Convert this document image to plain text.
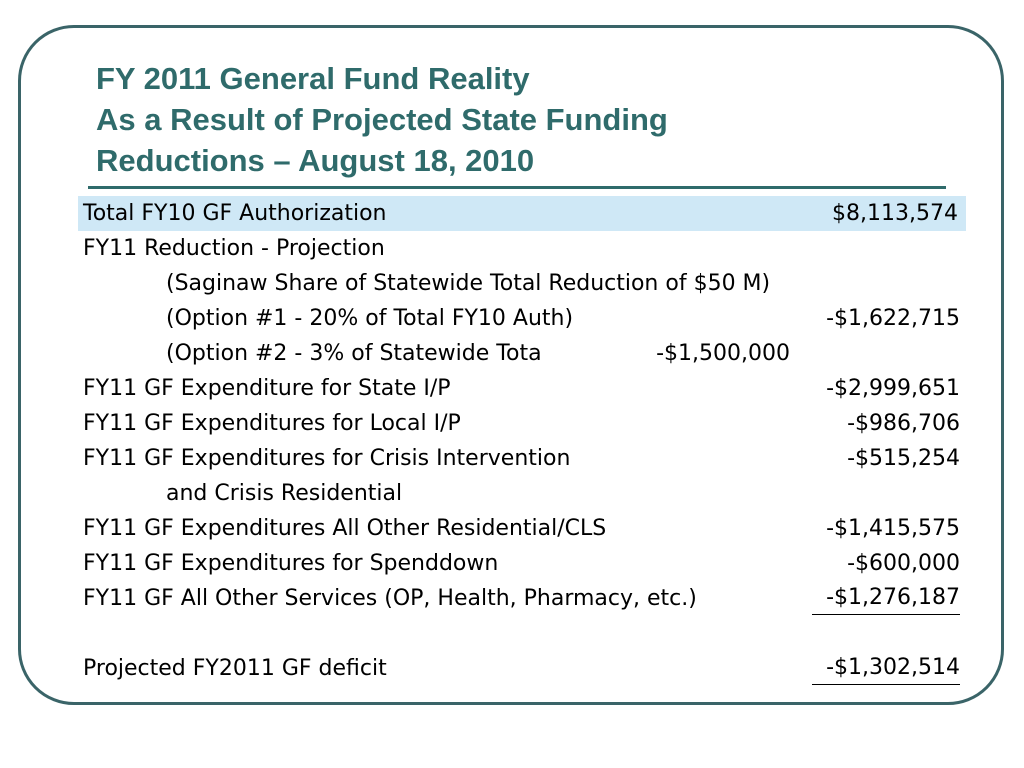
FY 2011 General Fund Reality
As a Result of Projected State Funding
Reductions – August 18, 2010
Total FY10 GF Authorization	$8,113,574
FY11 Reduction - Projection
(Saginaw Share of Statewide Total Reduction of $50 M)
(Option #1 - 20% of Total FY10 Auth)	-$1,622,715
(Option #2 - 3% of Statewide Tota	-$1,500,000
FY11 GF Expenditure for State I/P	-$2,999,651
FY11 GF Expenditures for Local I/P	-$986,706
FY11 GF Expenditures for Crisis Intervention	-$515,254
and Crisis Residential
FY11 GF Expenditures All Other Residential/CLS	-$1,415,575
FY11 GF Expenditures for Spenddown	-$600,000
FY11 GF All Other Services (OP, Health, Pharmacy, etc.)	-$1,276,187
Projected FY2011 GF deficit	-$1,302,514
